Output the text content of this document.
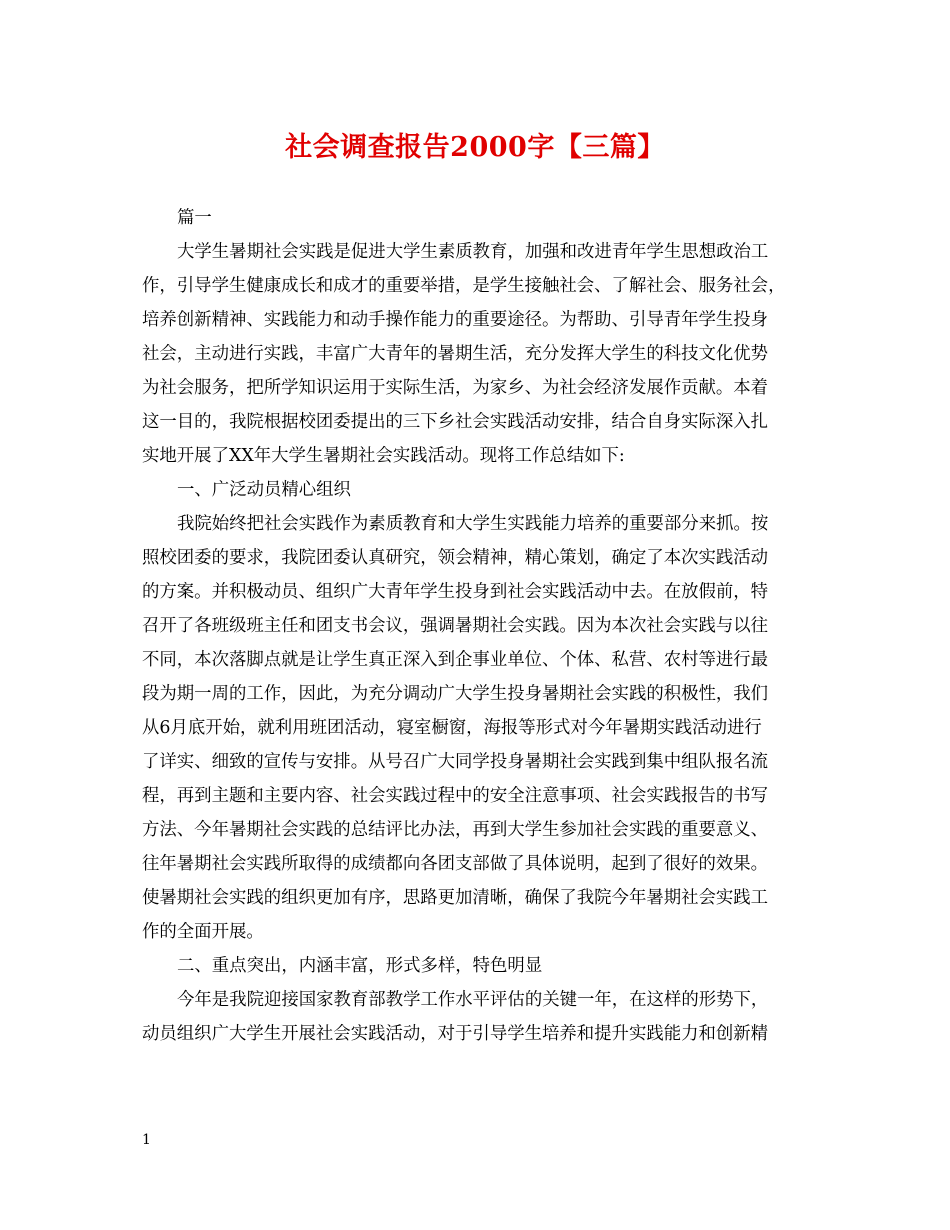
社会调查报告2000字【三篇】
篇一
大学生暑期社会实践是促进大学生素质教育，加强和改进青年学生思想政治工
作，引导学生健康成长和成才的重要举措，是学生接触社会、了解社会、服务社会，
培养创新精神、实践能力和动手操作能力的重要途径。为帮助、引导青年学生投身
社会，主动进行实践，丰富广大青年的暑期生活，充分发挥大学生的科技文化优势
为社会服务，把所学知识运用于实际生活，为家乡、为社会经济发展作贡献。本着
这一目的，我院根据校团委提出的三下乡社会实践活动安排，结合自身实际深入扎
实地开展了XX年大学生暑期社会实践活动。现将工作总结如下:
一、广泛动员精心组织
我院始终把社会实践作为素质教育和大学生实践能力培养的重要部分来抓。按
照校团委的要求，我院团委认真研究，领会精神，精心策划，确定了本次实践活动
的方案。并积极动员、组织广大青年学生投身到社会实践活动中去。在放假前，特
召开了各班级班主任和团支书会议，强调暑期社会实践。因为本次社会实践与以往
不同，本次落脚点就是让学生真正深入到企事业单位、个体、私营、农村等进行最
段为期一周的工作，因此，为充分调动广大学生投身暑期社会实践的积极性，我们
从6月底开始，就利用班团活动，寝室橱窗，海报等形式对今年暑期实践活动进行
了详实、细致的宣传与安排。从号召广大同学投身暑期社会实践到集中组队报名流
程，再到主题和主要内容、社会实践过程中的安全注意事项、社会实践报告的书写
方法、今年暑期社会实践的总结评比办法，再到大学生参加社会实践的重要意义、
往年暑期社会实践所取得的成绩都向各团支部做了具体说明，起到了很好的效果。
使暑期社会实践的组织更加有序，思路更加清晰，确保了我院今年暑期社会实践工
作的全面开展。
二、重点突出，内涵丰富，形式多样，特色明显
今年是我院迎接国家教育部教学工作水平评估的关键一年，在这样的形势下，
动员组织广大学生开展社会实践活动，对于引导学生培养和提升实践能力和创新精
1
